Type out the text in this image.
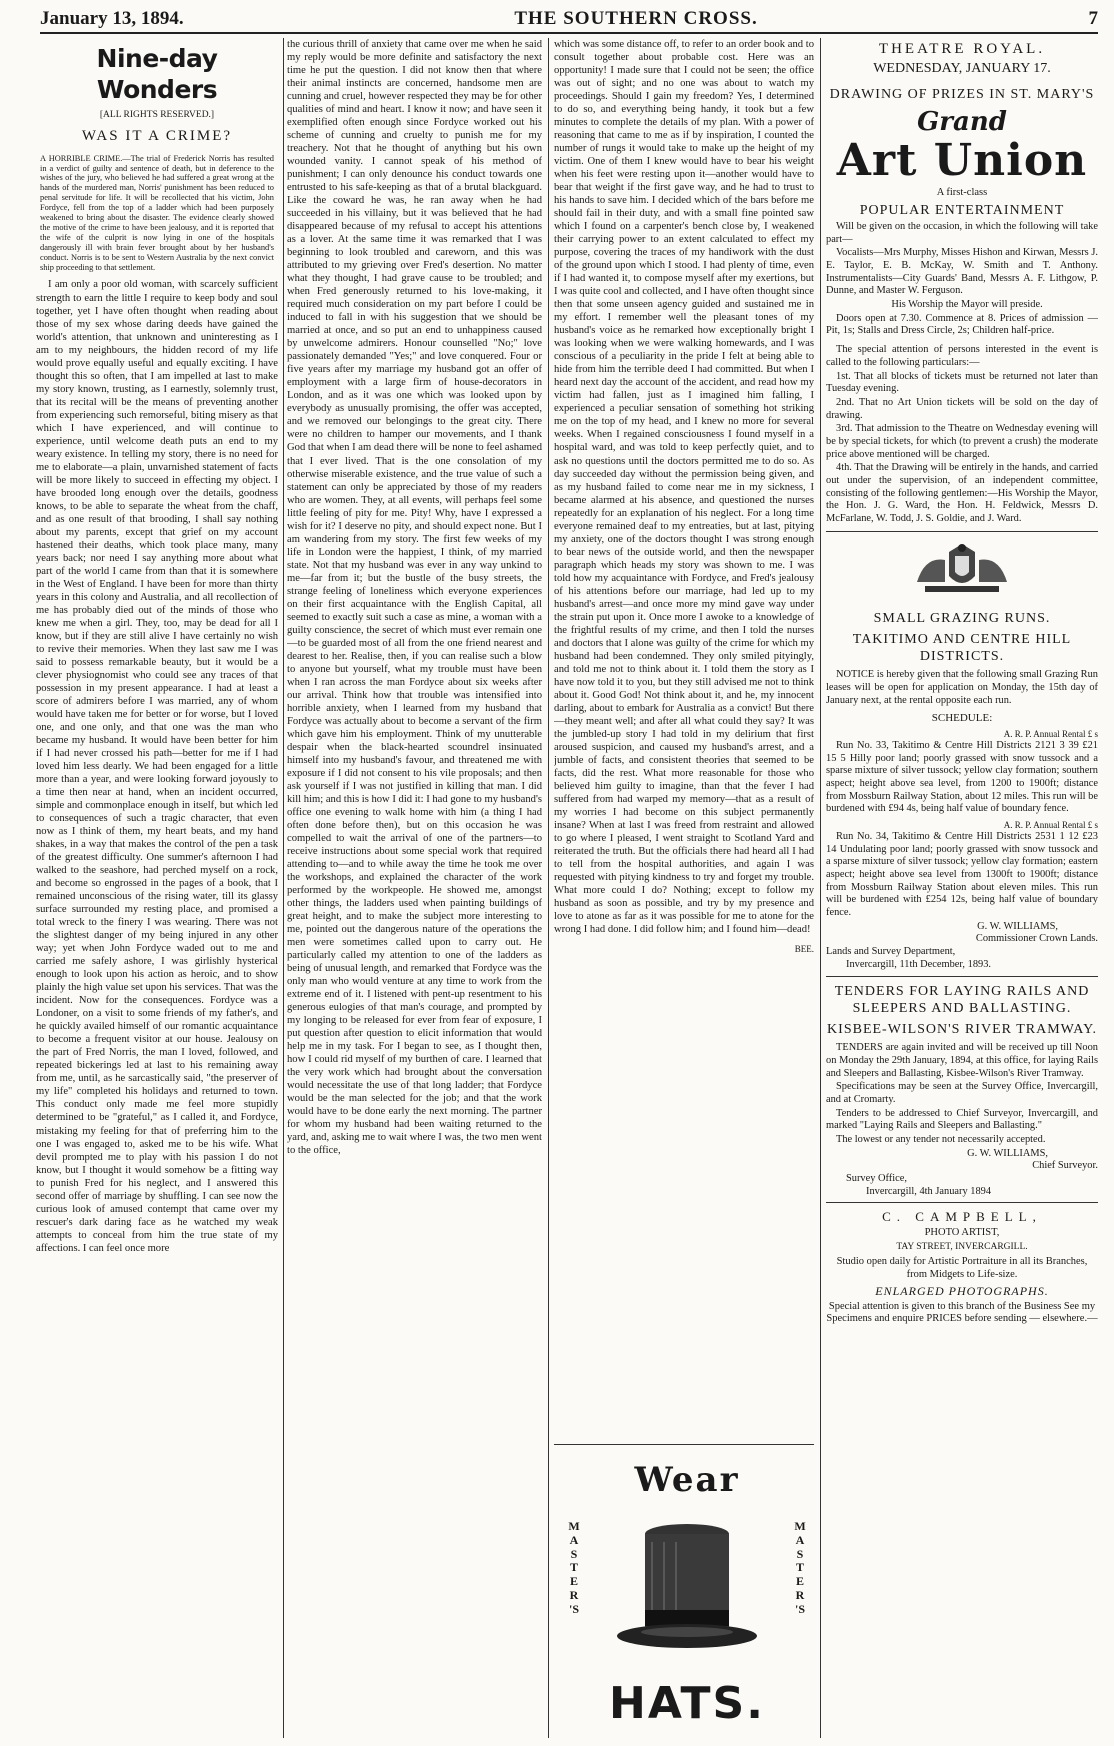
January 13, 1894.	THE SOUTHERN CROSS.	7
Nine-day Wonders
[ALL RIGHTS RESERVED.]
WAS IT A CRIME?
A HORRIBLE CRIME.—The trial of Frederick Norris has resulted in a verdict of guilty and sentence of death, but in deference to the wishes of the jury, who believed he had suffered a great wrong at the hands of the murdered man, Norris' punishment has been reduced to penal servitude for life. It will be recollected that his victim, John Fordyce, fell from the top of a ladder which had been purposely weakened to bring about the disaster. The evidence clearly showed the motive of the crime to have been jealousy, and it is reported that the wife of the culprit is now lying in one of the hospitals dangerously ill with brain fever brought about by her husband's conduct. Norris is to be sent to Western Australia by the next convict ship proceeding to that settlement.

I am only a poor old woman, with scarcely sufficient strength to earn the little I require to keep body and soul together, yet I have often thought when reading about those of my sex whose daring deeds have gained the world's attention, that unknown and uninteresting as I am to my neighbours, the hidden record of my life would prove equally useful and equally exciting. I have thought this so often, that I am impelled at last to make my story known, trusting, as I earnestly, solemnly trust, that its recital will be the means of preventing another from experiencing such remorseful, biting misery as that which I have experienced, and will continue to experience, until welcome death puts an end to my weary existence. In telling my story, there is no need for me to elaborate—a plain, unvarnished statement of facts will be more likely to succeed in effecting my object. I have brooded long enough over the details, goodness knows, to be able to separate the wheat from the chaff, and as one result of that brooding, I shall say nothing about my parents, except that grief on my account hastened their deaths, which took place many, many years back; nor need I say anything more about what part of the world I came from than that it is somewhere in the West of England. I have been for more than thirty years in this colony and Australia, and all recollection of me has probably died out of the minds of those who knew me when a girl. They, too, may be dead for all I know, but if they are still alive I have certainly no wish to revive their memories. When they last saw me I was said to possess remarkable beauty, but it would be a clever physiognomist who could see any traces of that possession in my present appearance. I had at least a score of admirers before I was married, any of whom would have taken me for better or for worse, but I loved one, and one only, and that one was the man who became my husband. It would have been better for him if I had never crossed his path—better for me if I had loved him less dearly. We had been engaged for a little more than a year, and were looking forward joyously to a time then near at hand, when an incident occurred, simple and commonplace enough in itself, but which led to consequences of such a tragic character, that even now as I think of them, my heart beats, and my hand shakes, in a way that makes the control of the pen a task of the greatest difficulty. One summer's afternoon I had walked to the seashore, had perched myself on a rock, and become so engrossed in the pages of a book, that I remained unconscious of the rising water, till its glassy surface surrounded my resting place, and promised a total wreck to the finery I was wearing. There was not the slightest danger of my being injured in any other way; yet when John Fordyce waded out to me and carried me safely ashore, I was girlishly hysterical enough to look upon his action as heroic, and to show plainly the high value set upon his services. That was the incident. Now for the consequences. Fordyce was a Londoner, on a visit to some friends of my father's, and he quickly availed himself of our romantic acquaintance to become a frequent visitor at our house. Jealousy on the part of Fred Norris, the man I loved, followed, and repeated bickerings led at last to his remaining away from me, until, as he sarcastically said, "the preserver of my life" completed his holidays and returned to town. This conduct only made me feel more stupidly determined to be "grateful," as I called it, and Fordyce, mistaking my feeling for that of preferring him to the one I was engaged to, asked me to be his wife. What devil prompted me to play with his passion I do not know, but I thought it would somehow be a fitting way to punish Fred for his neglect, and I answered this second offer of marriage by shuffling. I can see now the curious look of amused contempt that came over my rescuer's dark daring face as he watched my weak attempts to conceal from him the true state of my affections. I can feel once more

the curious thrill of anxiety that came over me when he said my reply would be more definite and satisfactory the next time he put the question. I did not know then that where their animal instincts are concerned, handsome men are cunning and cruel, however respected they may be for other qualities of mind and heart. I know it now; and have seen it exemplified often enough since Fordyce worked out his scheme of cunning and cruelty to punish me for my treachery. Not that he thought of anything but his own wounded vanity. I cannot speak of his method of punishment; I can only denounce his conduct towards one entrusted to his safe-keeping as that of a brutal blackguard. Like the coward he was, he ran away when he had succeeded in his villainy, but it was believed that he had disappeared because of my refusal to accept his attentions as a lover. At the same time it was remarked that I was beginning to look troubled and careworn, and this was attributed to my grieving over Fred's desertion. No matter what they thought, I had grave cause to be troubled; and when Fred generously returned to his love-making, it required much consideration on my part before I could be induced to fall in with his suggestion that we should be married at once, and so put an end to unhappiness caused by unwelcome admirers. Honour counselled "No;" love passionately demanded "Yes;" and love conquered. Four or five years after my marriage my husband got an offer of employment with a large firm of house-decorators in London, and as it was one which was looked upon by everybody as unusually promising, the offer was accepted, and we removed our belongings to the great city. There were no children to hamper our movements, and I thank God that when I am dead there will be none to feel ashamed that I ever lived. That is the one consolation of my otherwise miserable existence, and the true value of such a statement can only be appreciated by those of my readers who are women. They, at all events, will perhaps feel some little feeling of pity for me. Pity! Why, have I expressed a wish for it? I deserve no pity, and should expect none. But I am wandering from my story. The first few weeks of my life in London were the happiest, I think, of my married state. Not that my husband was ever in any way unkind to me—far from it; but the bustle of the busy streets, the strange feeling of loneliness which everyone experiences on their first acquaintance with the English Capital, all seemed to exactly suit such a case as mine, a woman with a guilty conscience, the secret of which must ever remain one—to be guarded most of all from the one friend nearest and dearest to her. Realise, then, if you can realise such a blow to anyone but yourself, what my trouble must have been when I ran across the man Fordyce about six weeks after our arrival. Think how that trouble was intensified into horrible anxiety, when I learned from my husband that Fordyce was actually about to become a servant of the firm which gave him his employment. Think of my unutterable despair when the black-hearted scoundrel insinuated himself into my husband's favour, and threatened me with exposure if I did not consent to his vile proposals; and then ask yourself if I was not justified in killing that man. I did kill him; and this is how I did it: I had gone to my husband's office one evening to walk home with him (a thing I had often done before then), but on this occasion he was compelled to wait the arrival of one of the partners—to receive instructions about some special work that required attending to—and to while away the time he took me over the workshops, and explained the character of the work performed by the workpeople. He showed me, amongst other things, the ladders used when painting buildings of great height, and to make the subject more interesting to me, pointed out the dangerous nature of the operations the men were sometimes called upon to carry out. He particularly called my attention to one of the ladders as being of unusual length, and remarked that Fordyce was the only man who would venture at any time to work from the extreme end of it. I listened with pent-up resentment to his generous eulogies of that man's courage, and prompted by my longing to be released for ever from fear of exposure, I put question after question to elicit information that would help me in my task. For I began to see, as I thought then, how I could rid myself of my burthen of care. I learned that the very work which had brought about the conversation would necessitate the use of that long ladder; that Fordyce would be the man selected for the job; and that the work would have to be done early the next morning. The partner for whom my husband had been waiting returned to the yard, and, asking me to wait where I was, the two men went to the office,

which was some distance off, to refer to an order book and to consult together about probable cost. Here was an opportunity! I made sure that I could not be seen; the office was out of sight; and no one was about to watch my proceedings. Should I gain my freedom? Yes, I determined to do so, and everything being handy, it took but a few minutes to complete the details of my plan. With a power of reasoning that came to me as if by inspiration, I counted the number of rungs it would take to make up the height of my victim. One of them I knew would have to bear his weight when his feet were resting upon it—another would have to bear that weight if the first gave way, and he had to trust to his hands to save him. I decided which of the bars before me should fail in their duty, and with a small fine pointed saw which I found on a carpenter's bench close by, I weakened their carrying power to an extent calculated to effect my purpose, covering the traces of my handiwork with the dust of the ground upon which I stood. I had plenty of time, even if I had wanted it, to compose myself after my exertions, but I was quite cool and collected, and I have often thought since then that some unseen agency guided and sustained me in my effort. I remember well the pleasant tones of my husband's voice as he remarked how exceptionally bright I was looking when we were walking homewards, and I was conscious of a peculiarity in the pride I felt at being able to hide from him the terrible deed I had committed. But when I heard next day the account of the accident, and read how my victim had fallen, just as I imagined him falling, I experienced a peculiar sensation of something hot striking me on the top of my head, and I knew no more for several weeks. When I regained consciousness I found myself in a hospital ward, and was told to keep perfectly quiet, and to ask no questions until the doctors permitted me to do so. As day succeeded day without the permission being given, and as my husband failed to come near me in my sickness, I became alarmed at his absence, and questioned the nurses repeatedly for an explanation of his neglect. For a long time everyone remained deaf to my entreaties, but at last, pitying my anxiety, one of the doctors thought I was strong enough to bear news of the outside world, and then the newspaper paragraph which heads my story was shown to me. I was told how my acquaintance with Fordyce, and Fred's jealousy of his attentions before our marriage, had led up to my husband's arrest—and once more my mind gave way under the strain put upon it. Once more I awoke to a knowledge of the frightful results of my crime, and then I told the nurses and doctors that I alone was guilty of the crime for which my husband had been condemned. They only smiled pityingly, and told me not to think about it. I told them the story as I have now told it to you, but they still advised me not to think about it. Good God! Not think about it, and he, my innocent darling, about to embark for Australia as a convict! But there—they meant well; and after all what could they say? It was the jumbled-up story I had told in my delirium that first aroused suspicion, and caused my husband's arrest, and a jumble of facts, and consistent theories that seemed to be facts, did the rest. What more reasonable for those who believed him guilty to imagine, than that the fever I had suffered from had warped my memory—that as a result of my worries I had become on this subject permanently insane? When at last I was freed from restraint and allowed to go where I pleased, I went straight to Scotland Yard and reiterated the truth. But the officials there had heard all I had to tell from the hospital authorities, and again I was requested with pitying kindness to try and forget my trouble. What more could I do? Nothing; except to follow my husband as soon as possible, and try by my presence and love to atone as far as it was possible for me to atone for the wrong I had done. I did follow him; and I found him—dead!

BEE.
Wear
M
A
S
T
E
R
'S
M
A
S
T
E
R
'S
HATS.
THEATRE ROYAL.
WEDNESDAY, JANUARY 17.
DRAWING OF PRIZES IN ST. MARY'S
Grand
Art Union
A first-class
POPULAR ENTERTAINMENT

Will be given on the occasion, in which the following will take part—

Vocalists—Mrs Murphy, Misses Hishon and Kirwan, Messrs J. E. Taylor, E. B. McKay, W. Smith and T. Anthony. Instrumentalists—City Guards' Band, Messrs A. F. Lithgow, P. Dunne, and Master W. Ferguson.

His Worship the Mayor will preside.

Doors open at 7.30. Commence at 8. Prices of admission — Pit, 1s; Stalls and Dress Circle, 2s; Children half-price.

The special attention of persons interested in the event is called to the following particulars:—

1st. That all blocks of tickets must be returned not later than Tuesday evening.

2nd. That no Art Union tickets will be sold on the day of drawing.

3rd. That admission to the Theatre on Wednesday evening will be by special tickets, for which (to prevent a crush) the moderate price above mentioned will be charged.

4th. That the Drawing will be entirely in the hands, and carried out under the supervision, of an independent committee, consisting of the following gentlemen:—His Worship the Mayor, the Hon. J. G. Ward, the Hon. H. Feldwick, Messrs D. McFarlane, W. Todd, J. S. Goldie, and J. Ward.

SMALL GRAZING RUNS.
TAKITIMO AND CENTRE HILL DISTRICTS.

NOTICE is hereby given that the following small Grazing Run leases will be open for application on Monday, the 15th day of January next, at the rental opposite each run.

SCHEDULE:
A. R. P. Annual Rental £ s

Run No. 33, Takitimo & Centre Hill Districts 2121 3 39 £21 15 5 Hilly poor land; poorly grassed with snow tussock and a sparse mixture of silver tussock; yellow clay formation; southern aspect; height above sea level, from 1200 to 1900ft; distance from Mossburn Railway Station, about 12 miles. This run will be burdened with £94 4s, being half value of boundary fence.

A. R. P. Annual Rental £ s

Run No. 34, Takitimo & Centre Hill Districts 2531 1 12 £23 14 Undulating poor land; poorly grassed with snow tussock and a sparse mixture of silver tussock; yellow clay formation; eastern aspect; height above sea level from 1300ft to 1900ft; distance from Mossburn Railway Station about eleven miles. This run will be burdened with £254 12s, being half value of boundary fence.

G. W. WILLIAMS,
Commissioner Crown Lands.
Lands and Survey Department,
Invercargill, 11th December, 1893.
TENDERS FOR LAYING RAILS AND SLEEPERS AND BALLASTING.
KISBEE-WILSON'S RIVER TRAMWAY.

TENDERS are again invited and will be received up till Noon on Monday the 29th January, 1894, at this office, for laying Rails and Sleepers and Ballasting, Kisbee-Wilson's River Tramway.

Specifications may be seen at the Survey Office, Invercargill, and at Cromarty.

Tenders to be addressed to Chief Surveyor, Invercargill, and marked "Laying Rails and Sleepers and Ballasting."

The lowest or any tender not necessarily accepted.

G. W. WILLIAMS,
Chief Surveyor.
Survey Office,
Invercargill, 4th January 1894
C. CAMPBELL,
PHOTO ARTIST,
TAY STREET, INVERCARGILL.
Studio open daily for Artistic Portraiture in all its Branches, from Midgets to Life-size.
ENLARGED PHOTOGRAPHS.
Special attention is given to this branch of the Business See my Specimens and enquire PRICES before sending — elsewhere.—
